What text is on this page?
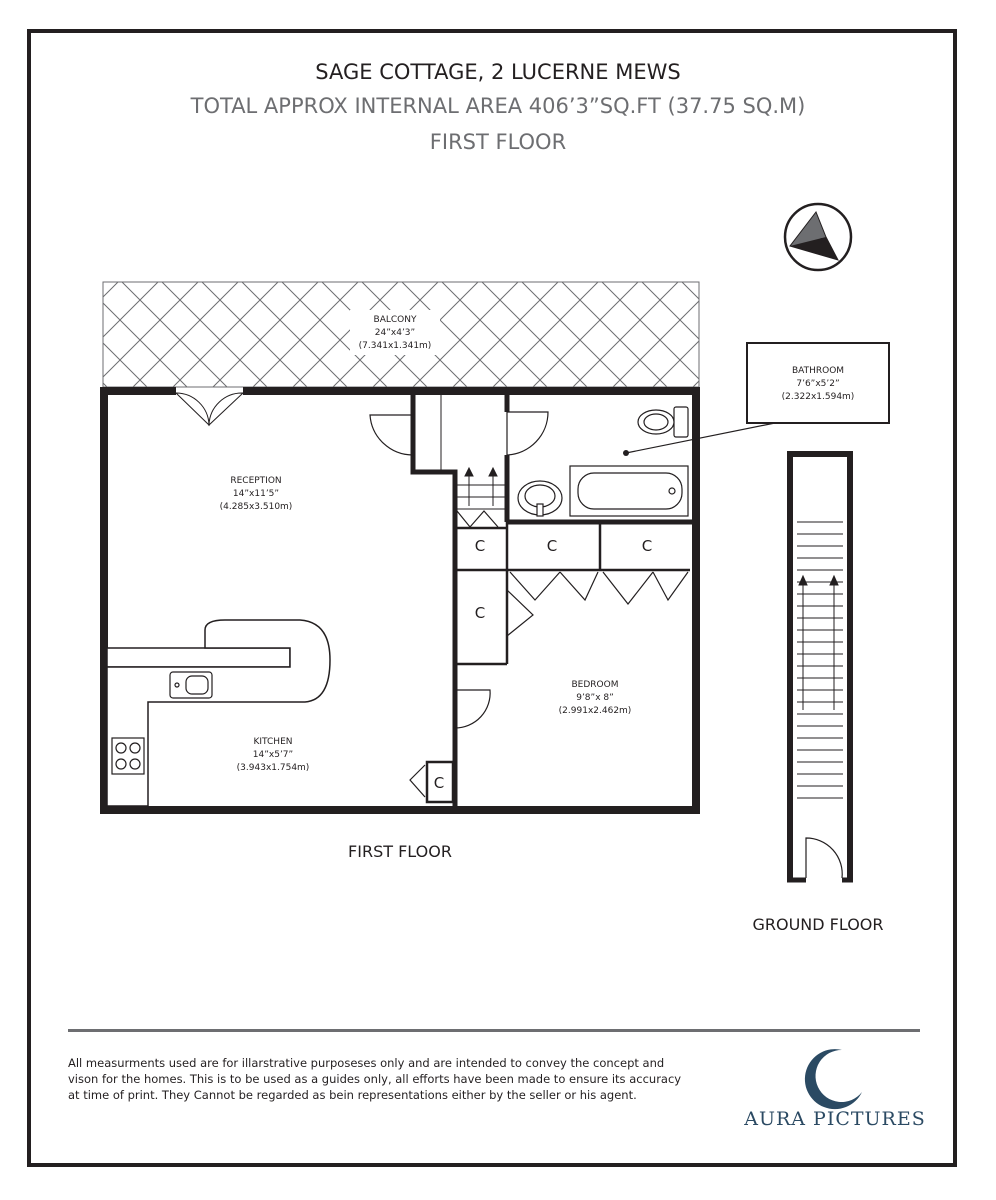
SAGE COTTAGE, 2 LUCERNE MEWS
TOTAL APPROX INTERNAL AREA 406’3”SQ.FT (37.75 SQ.M)
FIRST FLOOR
N
BALCONY
24”x4’3”
(7.341x1.341m)
C	C	C
C
C
BATHROOM
7’6”x5’2”
(2.322x1.594m)
RECEPTION
14”x11’5”
(4.285x3.510m)
BEDROOM
9’8”x 8”
(2.991x2.462m)
KITCHEN
14”x5’7”
(3.943x1.754m)
FIRST FLOOR
GROUND FLOOR
All measurments used are for illarstrative purposeses only and are intended to convey the concept and vison for the homes. This is to be used as a guides only, all efforts have been made to ensure its accuracy at time of print. They Cannot be regarded as bein representations either by the seller or his agent.
AURA PICTURES
